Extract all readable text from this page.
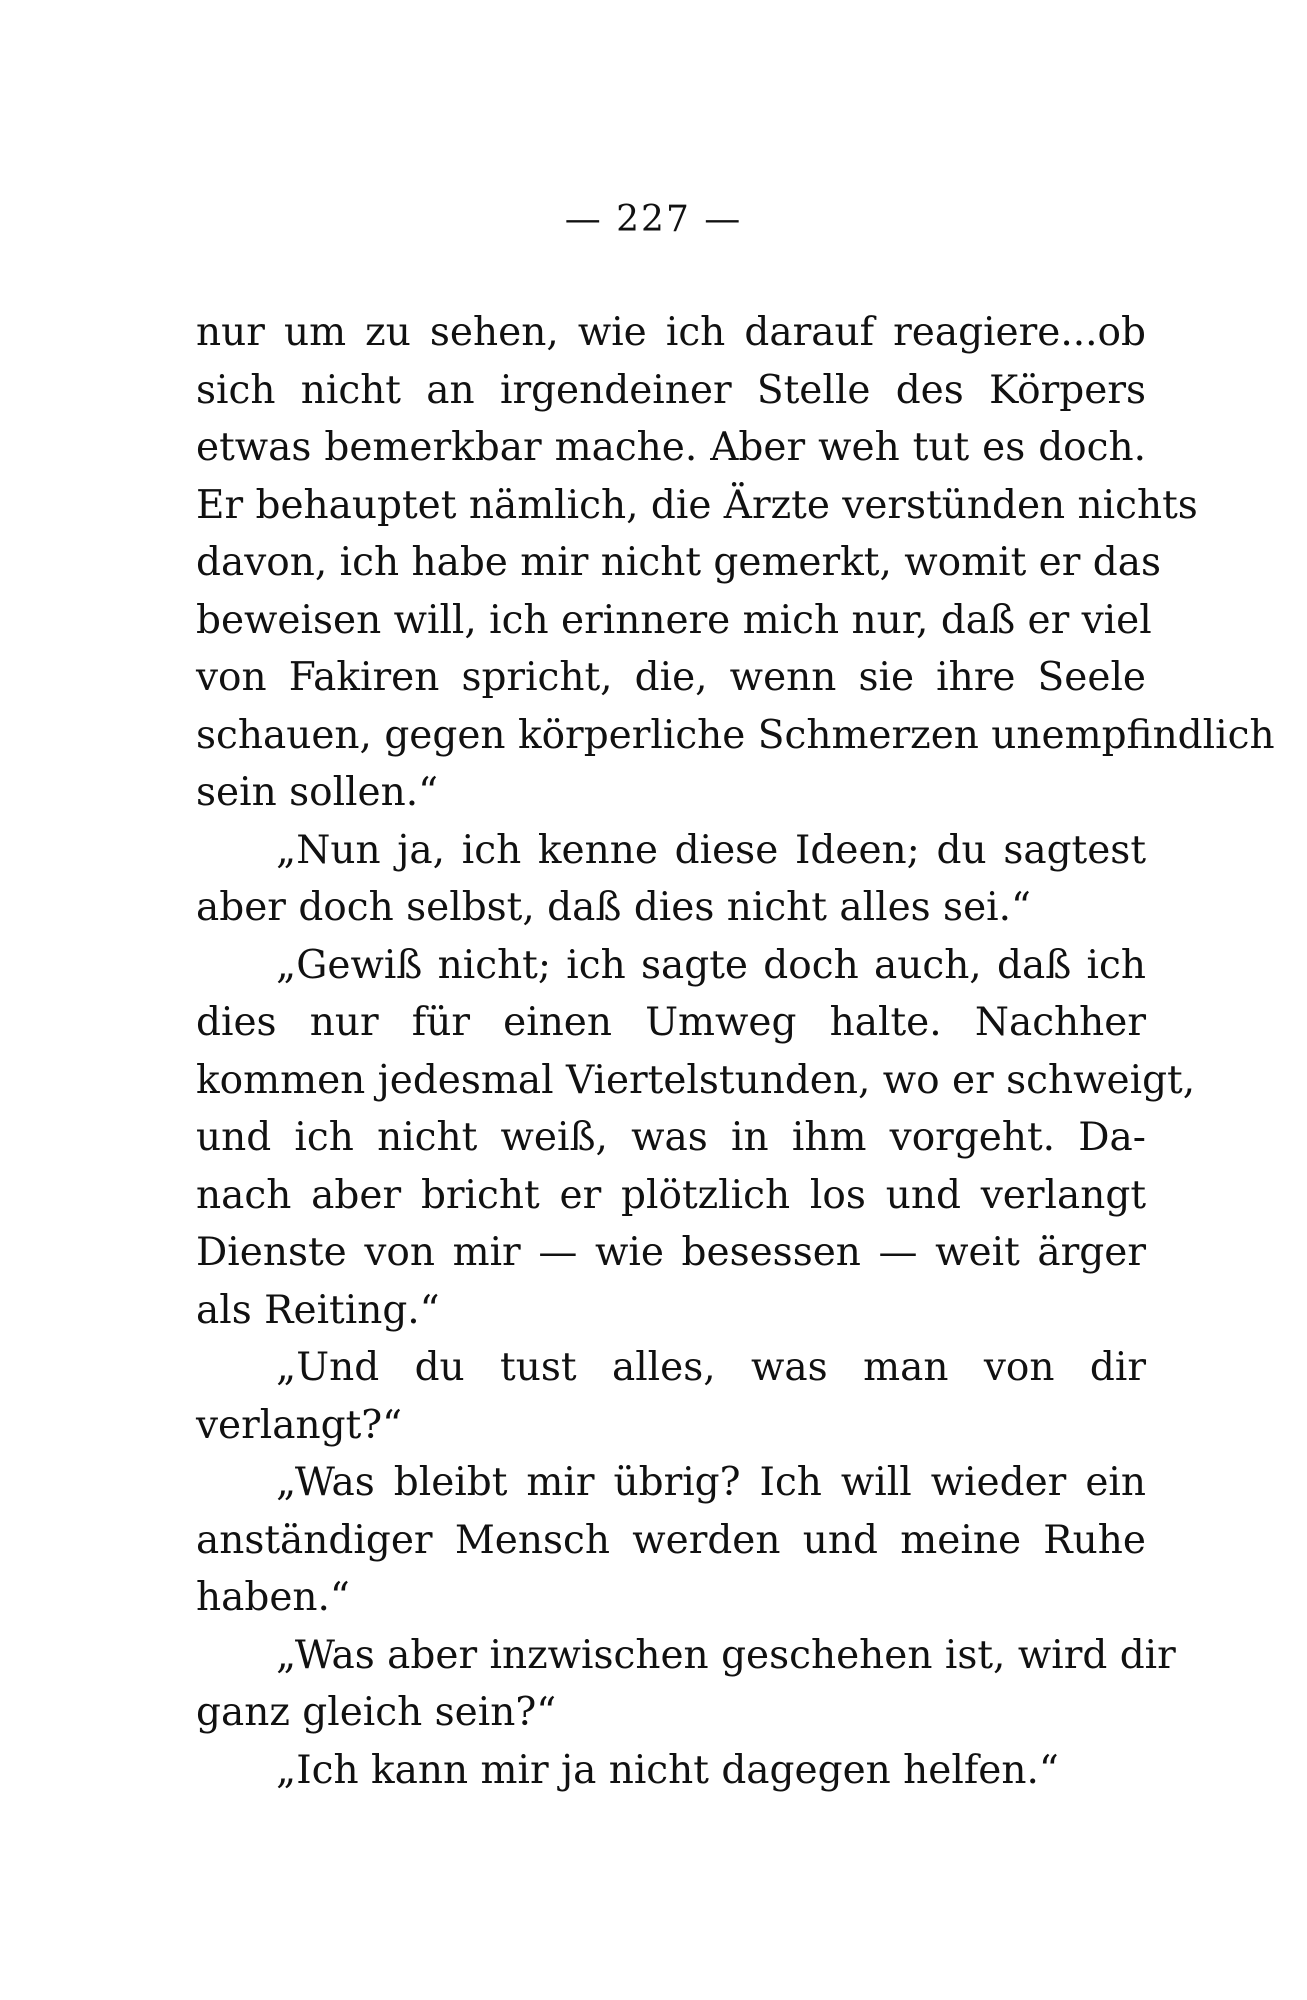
— 227 —
nur um zu sehen, wie ich darauf reagiere...ob
sich nicht an irgendeiner Stelle des Körpers
etwas bemerkbar mache. Aber weh tut es doch.
Er behauptet nämlich, die Ärzte verstünden nichts
davon, ich habe mir nicht gemerkt, womit er das
beweisen will, ich erinnere mich nur, daß er viel
von Fakiren spricht, die, wenn sie ihre Seele
schauen, gegen körperliche Schmerzen unempfindlich
sein sollen.“
„Nun ja, ich kenne diese Ideen; du sagtest
aber doch selbst, daß dies nicht alles sei.“
„Gewiß nicht; ich sagte doch auch, daß ich
dies nur für einen Umweg halte. Nachher
kommen jedesmal Viertelstunden, wo er schweigt,
und ich nicht weiß, was in ihm vorgeht. Da-
nach aber bricht er plötzlich los und verlangt
Dienste von mir — wie besessen — weit ärger
als Reiting.“
„Und du tust alles, was man von dir
verlangt?“
„Was bleibt mir übrig? Ich will wieder ein
anständiger Mensch werden und meine Ruhe
haben.“
„Was aber inzwischen geschehen ist, wird dir
ganz gleich sein?“
„Ich kann mir ja nicht dagegen helfen.“
